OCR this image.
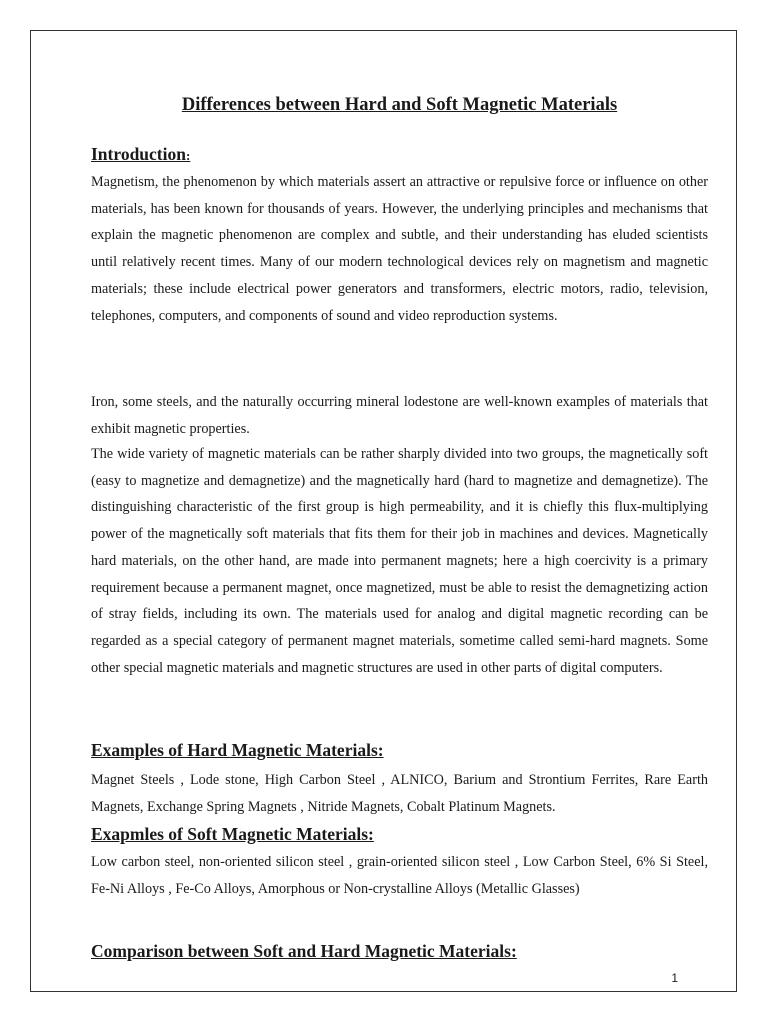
Differences between Hard and Soft Magnetic Materials
Introduction:

Magnetism, the phenomenon by which materials assert an attractive or repulsive force or influence on other materials, has been known for thousands of years. However, the underlying principles and mechanisms that explain the magnetic phenomenon are complex and subtle, and their understanding has eluded scientists until relatively recent times. Many of our modern technological devices rely on magnetism and magnetic materials; these include electrical power generators and transformers, electric motors, radio, television, telephones, computers, and components of sound and video reproduction systems.

Iron, some steels, and the naturally occurring mineral lodestone are well-known examples of materials that exhibit magnetic properties.

The wide variety of magnetic materials can be rather sharply divided into two groups, the magnetically soft (easy to magnetize and demagnetize) and the magnetically hard (hard to magnetize and demagnetize). The distinguishing characteristic of the first group is high permeability, and it is chiefly this flux-multiplying power of the magnetically soft materials that fits them for their job in machines and devices. Magnetically hard materials, on the other hand, are made into permanent magnets; here a high coercivity is a primary requirement because a permanent magnet, once magnetized, must be able to resist the demagnetizing action of stray fields, including its own. The materials used for analog and digital magnetic recording can be regarded as a special category of permanent magnet materials, sometime called semi-hard magnets. Some other special magnetic materials and magnetic structures are used in other parts of digital computers.

Examples of Hard Magnetic Materials:

Magnet Steels , Lode stone, High Carbon Steel , ALNICO, Barium and Strontium Ferrites, Rare Earth Magnets, Exchange Spring Magnets , Nitride Magnets, Cobalt Platinum Magnets.

Exapmles of Soft Magnetic Materials:

Low carbon steel, non-oriented silicon steel , grain-oriented silicon steel , Low Carbon Steel, 6% Si Steel, Fe-Ni Alloys , Fe-Co Alloys, Amorphous or Non-crystalline Alloys (Metallic Glasses)

Comparison between Soft and Hard Magnetic Materials:
1
